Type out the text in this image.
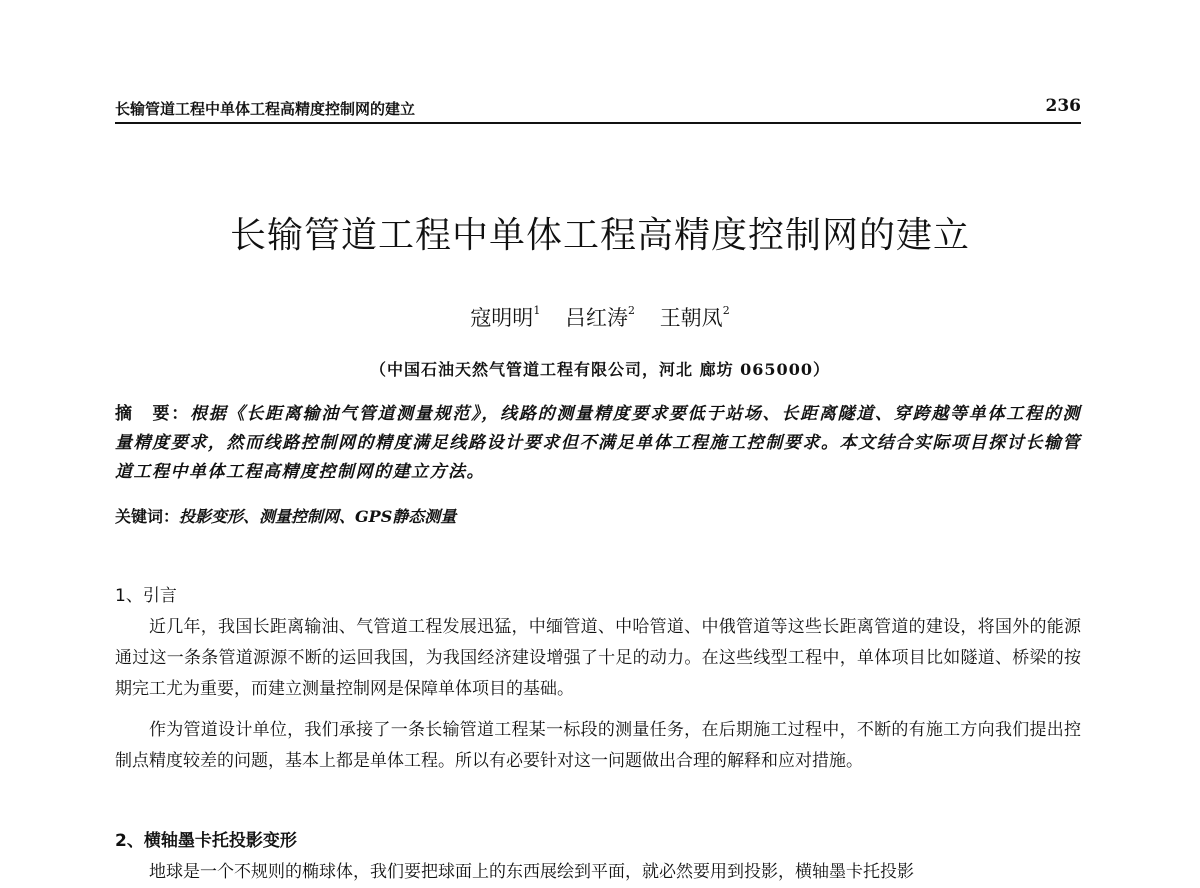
长输管道工程中单体工程高精度控制网的建立	236
长输管道工程中单体工程高精度控制网的建立
寇明明$^1$ 吕红涛$^2$ 王朝凤$^2$
（中国石油天然气管道工程有限公司，河北 廊坊 065000）
摘　要：根据《长距离输油气管道测量规范》，线路的测量精度要求要低于站场、长距离隧道、穿跨越等单体工程的测量精度要求，然而线路控制网的精度满足线路设计要求但不满足单体工程施工控制要求。本文结合实际项目探讨长输管道工程中单体工程高精度控制网的建立方法。
关键词：投影变形、测量控制网、GPS静态测量
1、引言

近几年，我国长距离输油、气管道工程发展迅猛，中缅管道、中哈管道、中俄管道等这些长距离管道的建设，将国外的能源通过这一条条管道源源不断的运回我国，为我国经济建设增强了十足的动力。在这些线型工程中，单体项目比如隧道、桥梁的按期完工尤为重要，而建立测量控制网是保障单体项目的基础。

作为管道设计单位，我们承接了一条长输管道工程某一标段的测量任务，在后期施工过程中，不断的有施工方向我们提出控制点精度较差的问题，基本上都是单体工程。所以有必要针对这一问题做出合理的解释和应对措施。

2、横轴墨卡托投影变形

地球是一个不规则的椭球体，我们要把球面上的东西展绘到平面，就必然要用到投影，横轴墨卡托投影
